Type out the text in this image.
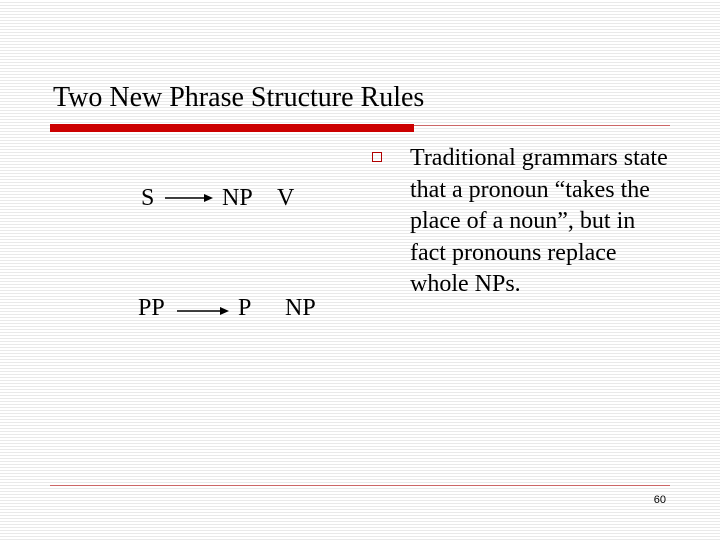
Two New Phrase Structure Rules
S	NP V
PP	P NP
Traditional grammars state that a pronoun “takes the place of a noun”, but in fact pronouns replace whole NPs.
60
